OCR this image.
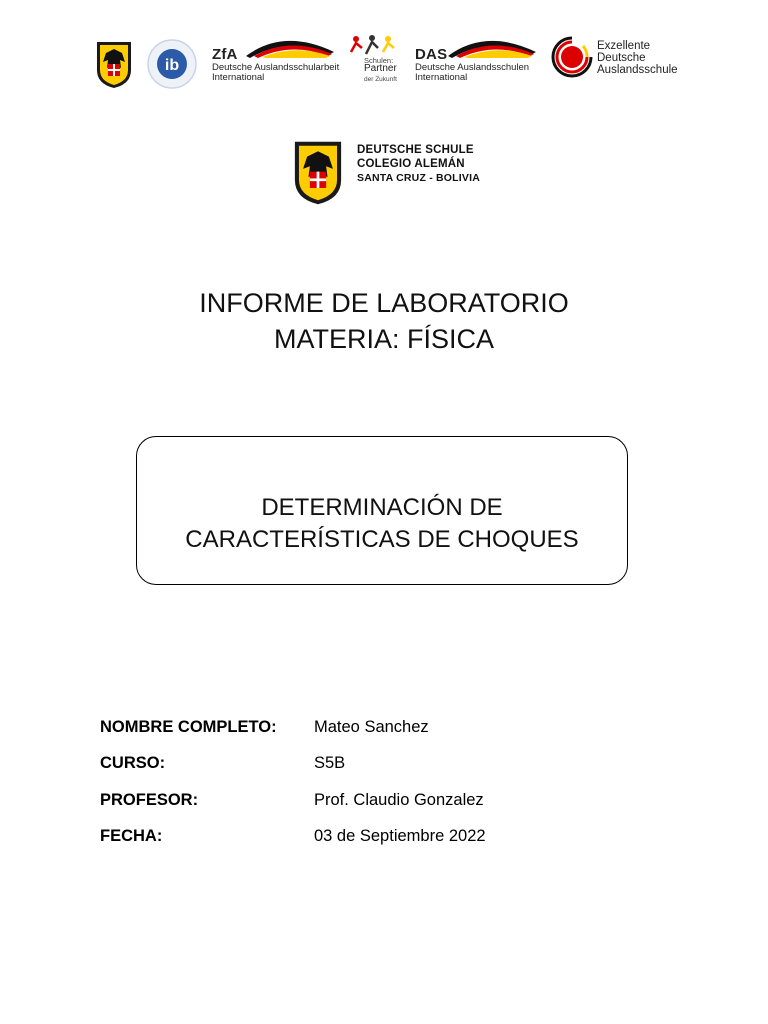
ib
ZfA
Deutsche Auslandsschularbeit
International
Schulen:
Partner
der Zukunft
DAS
Deutsche Auslandsschulen
International
Exzellente
Deutsche
Auslandsschule
DEUTSCHE SCHULE
COLEGIO ALEMÁN
SANTA CRUZ - BOLIVIA
INFORME DE LABORATORIO
MATERIA: FÍSICA
DETERMINACIÓN DE
CARACTERÍSTICAS DE CHOQUES
NOMBRE COMPLETO: Mateo Sanchez
CURSO:	S5B
PROFESOR:	Prof. Claudio Gonzalez
FECHA:	03 de Septiembre 2022
